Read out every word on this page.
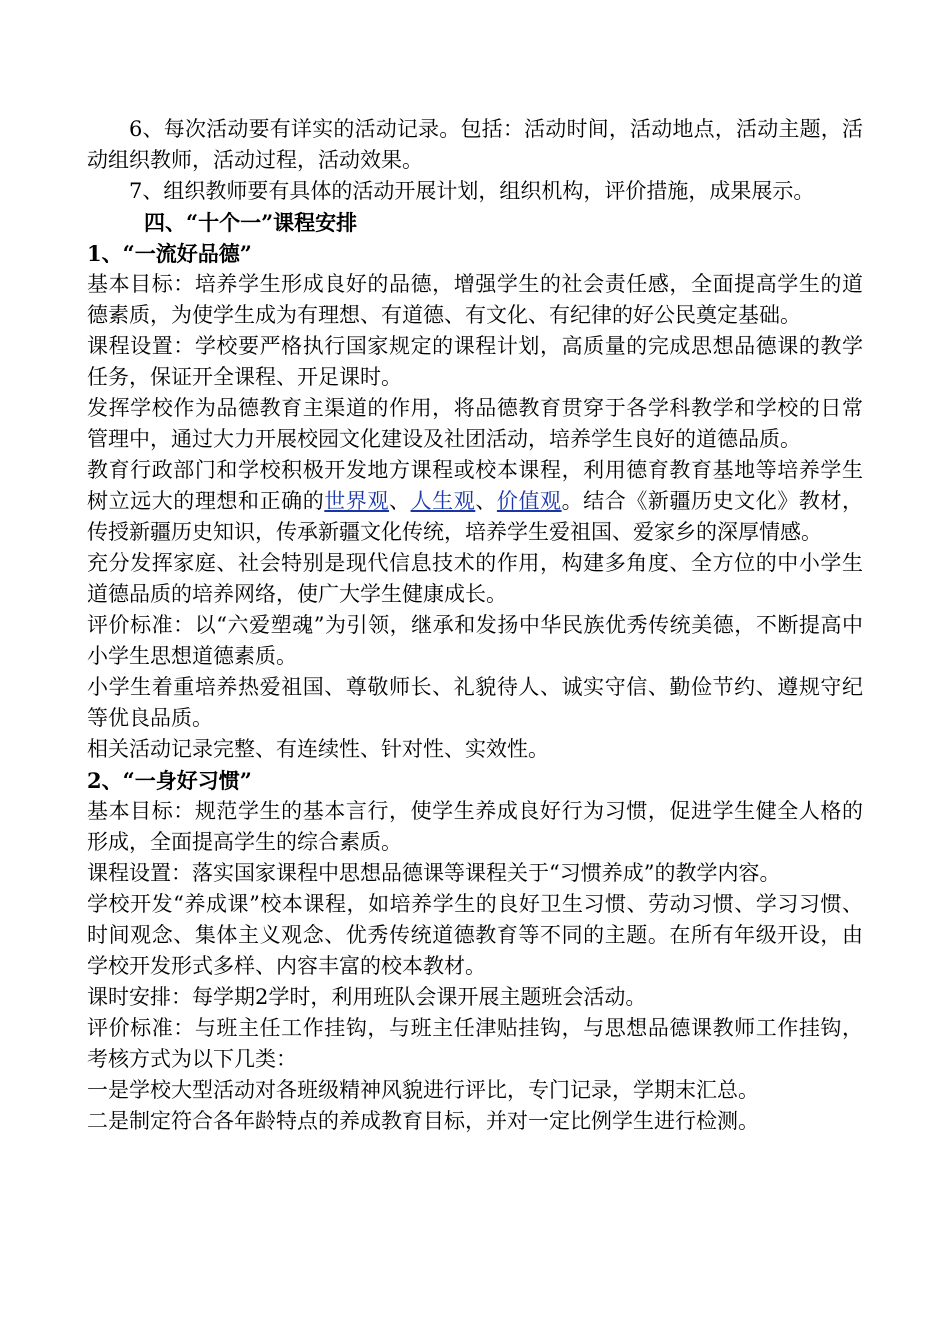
6、每次活动要有详实的活动记录。包括：活动时间，活动地点，活动主题，活动组织教师，活动过程，活动效果。

7、组织教师要有具体的活动开展计划，组织机构，评价措施，成果展示。

四、“十个一”课程安排

1、“一流好品德”

基本目标：培养学生形成良好的品德，增强学生的社会责任感，全面提高学生的道德素质，为使学生成为有理想、有道德、有文化、有纪律的好公民奠定基础。

课程设置：学校要严格执行国家规定的课程计划，高质量的完成思想品德课的教学任务，保证开全课程、开足课时。

发挥学校作为品德教育主渠道的作用，将品德教育贯穿于各学科教学和学校的日常管理中，通过大力开展校园文化建设及社团活动，培养学生良好的道德品质。

教育行政部门和学校积极开发地方课程或校本课程，利用德育教育基地等培养学生树立远大的理想和正确的世界观、人生观、价值观。结合《新疆历史文化》教材，传授新疆历史知识，传承新疆文化传统，培养学生爱祖国、爱家乡的深厚情感。

充分发挥家庭、社会特别是现代信息技术的作用，构建多角度、全方位的中小学生道德品质的培养网络，使广大学生健康成长。

评价标准：以“六爱塑魂”为引领，继承和发扬中华民族优秀传统美德，不断提高中小学生思想道德素质。

小学生着重培养热爱祖国、尊敬师长、礼貌待人、诚实守信、勤俭节约、遵规守纪等优良品质。

相关活动记录完整、有连续性、针对性、实效性。

2、“一身好习惯”

基本目标：规范学生的基本言行，使学生养成良好行为习惯，促进学生健全人格的形成，全面提高学生的综合素质。

课程设置：落实国家课程中思想品德课等课程关于“习惯养成”的教学内容。

学校开发“养成课”校本课程，如培养学生的良好卫生习惯、劳动习惯、学习习惯、时间观念、集体主义观念、优秀传统道德教育等不同的主题。在所有年级开设，由学校开发形式多样、内容丰富的校本教材。

课时安排：每学期2学时，利用班队会课开展主题班会活动。

评价标准：与班主任工作挂钩，与班主任津贴挂钩，与思想品德课教师工作挂钩，考核方式为以下几类：

一是学校大型活动对各班级精神风貌进行评比，专门记录，学期末汇总。

二是制定符合各年龄特点的养成教育目标，并对一定比例学生进行检测。
